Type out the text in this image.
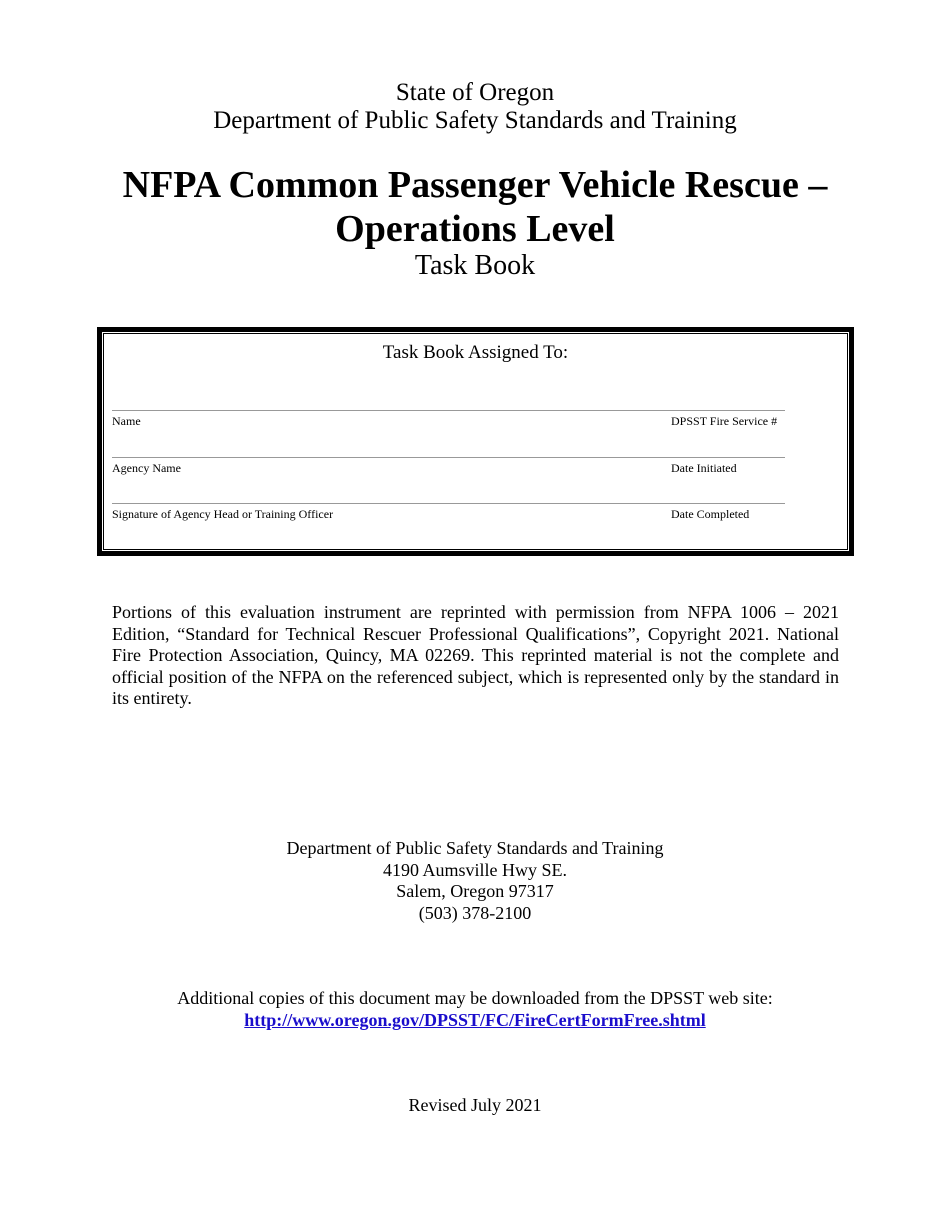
State of Oregon
Department of Public Safety Standards and Training
NFPA Common Passenger Vehicle Rescue –
Operations Level
Task Book
Task Book Assigned To:
Name	DPSST Fire Service #
Agency Name	Date Initiated
Signature of Agency Head or Training Officer	Date Completed
Portions of this evaluation instrument are reprinted with permission from NFPA 1006 – 2021 Edition, “Standard for Technical Rescuer Professional Qualifications”, Copyright 2021. National Fire Protection Association, Quincy, MA 02269. This reprinted material is not the complete and official position of the NFPA on the referenced subject, which is represented only by the standard in its entirety.
Department of Public Safety Standards and Training
4190 Aumsville Hwy SE.
Salem, Oregon 97317
(503) 378-2100
Additional copies of this document may be downloaded from the DPSST web site:
http://www.oregon.gov/DPSST/FC/FireCertFormFree.shtml
Revised July 2021
